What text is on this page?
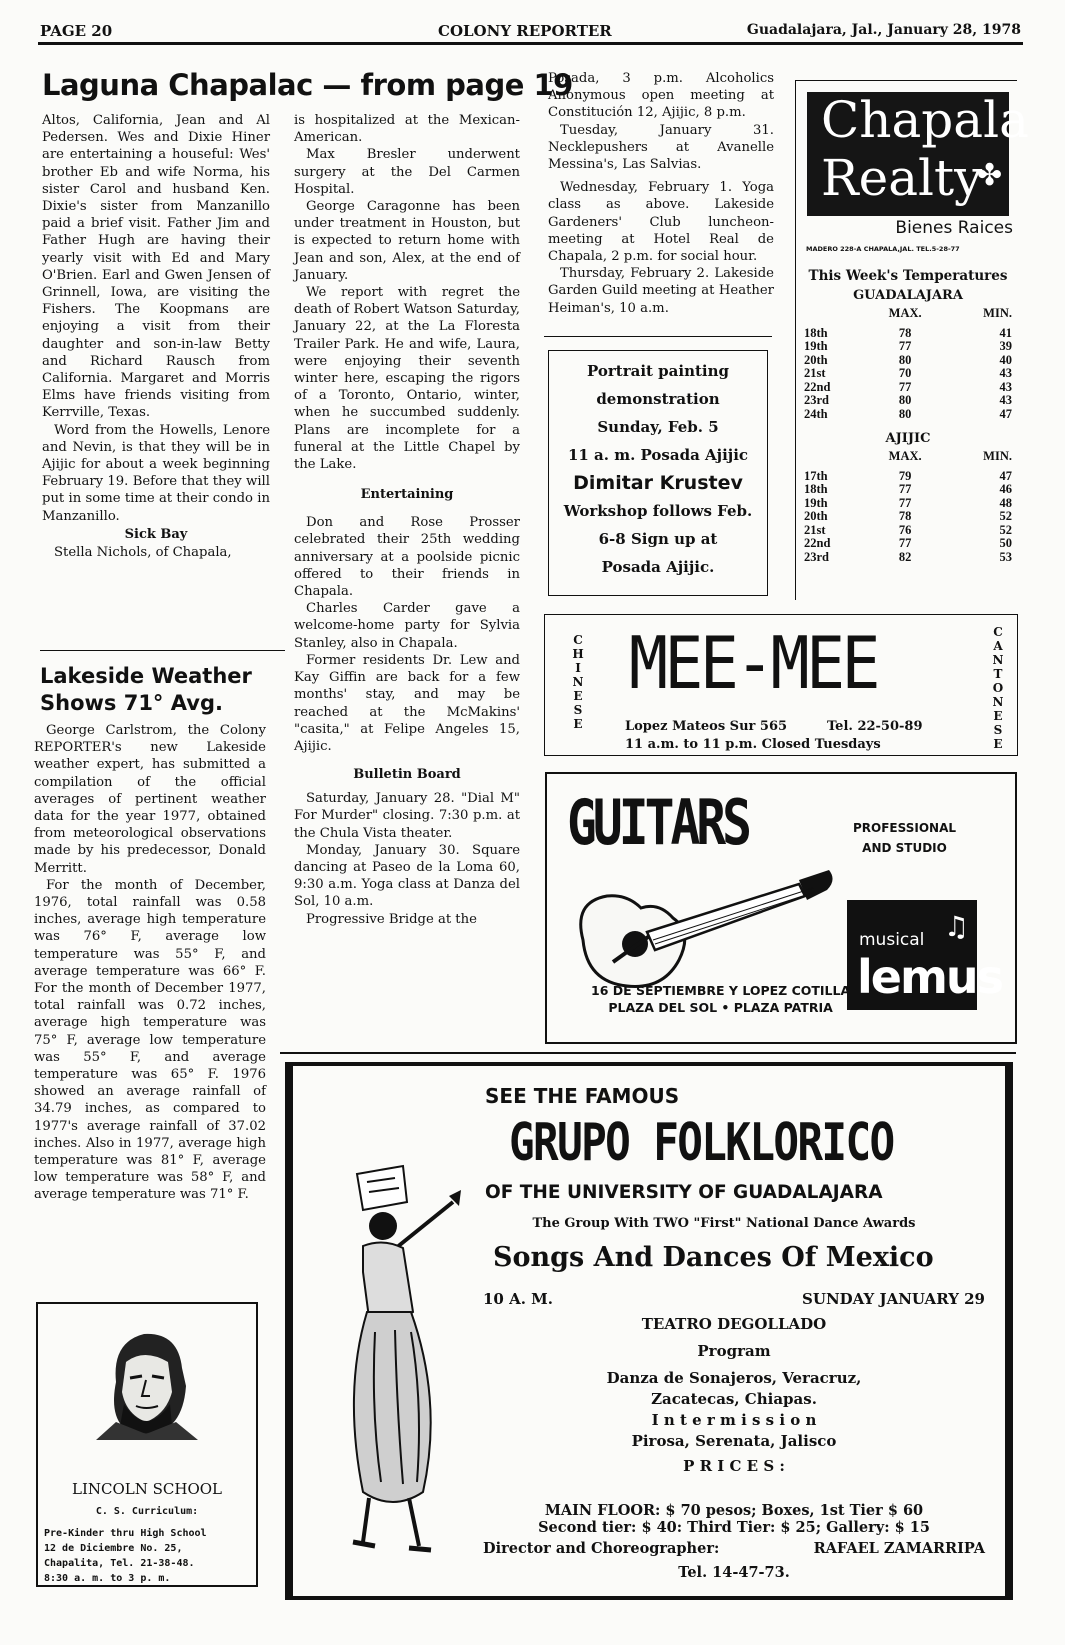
PAGE 20	COLONY REPORTER	Guadalajara, Jal., January 28, 1978
Laguna Chapalac — from page 19

Altos, California, Jean and Al Pedersen. Wes and Dixie Hiner are entertaining a houseful: Wes' brother Eb and wife Norma, his sister Carol and husband Ken. Dixie's sister from Manzanillo paid a brief visit. Father Jim and Father Hugh are having their yearly visit with Ed and Mary O'Brien. Earl and Gwen Jensen of Grinnell, Iowa, are visiting the Fishers. The Koopmans are enjoying a visit from their daughter and son-in-law Betty and Richard Rausch from California. Margaret and Morris Elms have friends visiting from Kerrville, Texas.

Word from the Howells, Lenore and Nevin, is that they will be in Ajijic for about a week beginning February 19. Before that they will put in some time at their condo in Manzanillo.

Sick Bay

Stella Nichols, of Chapala,

is hospitalized at the Mexican-American.

Max Bresler underwent surgery at the Del Carmen Hospital.

George Caragonne has been under treatment in Houston, but is expected to return home with Jean and son, Alex, at the end of January.

We report with regret the death of Robert Watson Saturday, January 22, at the La Floresta Trailer Park. He and wife, Laura, were enjoying their seventh winter here, escaping the rigors of a Toronto, Ontario, winter, when he succumbed suddenly. Plans are incomplete for a funeral at the Little Chapel by the Lake.

Entertaining

Don and Rose Prosser celebrated their 25th wedding anniversary at a poolside picnic offered to their friends in Chapala.

Charles Carder gave a welcome-home party for Sylvia Stanley, also in Chapala.

Former residents Dr. Lew and Kay Giffin are back for a few months' stay, and may be reached at the McMakins' "casita," at Felipe Angeles 15, Ajijic.

Bulletin Board

Saturday, January 28. "Dial M" For Murder" closing. 7:30 p.m. at the Chula Vista theater.

Monday, January 30. Square dancing at Paseo de la Loma 60, 9:30 a.m. Yoga class at Danza del Sol, 10 a.m.

Progressive Bridge at the

Posada, 3 p.m. Alcoholics Anonymous open meeting at Constitución 12, Ajijic, 8 p.m.

Tuesday, January 31. Necklepushers at Avanelle Messina's, Las Salvias.

Wednesday, February 1. Yoga class as above. Lakeside Gardeners' Club luncheon-meeting at Hotel Real de Chapala, 2 p.m. for social hour.

Thursday, February 2. Lakeside Garden Guild meeting at Heather Heiman's, 10 a.m.

Lakeside Weather
Shows 71° Avg.

George Carlstrom, the Colony REPORTER's new Lakeside weather expert, has submitted a compilation of the official averages of pertinent weather data for the year 1977, obtained from meteorological observations made by his predecessor, Donald Merritt.

For the month of December, 1976, total rainfall was 0.58 inches, average high temperature was 76° F, average low temperature was 55° F, and average temperature was 66° F. For the month of December 1977, total rainfall was 0.72 inches, average high temperature was 75° F, average low temperature was 55° F, and average temperature was 65° F. 1976 showed an average rainfall of 34.79 inches, as compared to 1977's average rainfall of 37.02 inches. Also in 1977, average high temperature was 81° F, average low temperature was 58° F, and average temperature was 71° F.

LINCOLN SCHOOL
C. S. Curriculum:
Pre-Kinder thru High School
12 de Diciembre No. 25,
Chapalita, Tel. 21-38-48.
8:30 a. m. to 3 p. m.
Chapala
Realty
✤
Bienes Raices
MADERO 228-A CHAPALA,JAL. TEL.5-28-77
This Week's Temperatures
GUADALAJARA
	MAX.	MIN.

18th	78	41
19th	77	39
20th	80	40
21st	70	43
22nd	77	43
23rd	80	43
24th	80	47
AJIJIC
	MAX.	MIN.

17th	79	47
18th	77	46
19th	77	48
20th	78	52
21st	76	52
22nd	77	50
23rd	82	53
Portrait painting
demonstration
Sunday, Feb. 5
11 a. m. Posada Ajijic
Dimitar Krustev
Workshop follows Feb.
6-8 Sign up at
Posada Ajijic.
CHINESE
CANTONESE
MEE-MEE
Lopez Mateos Sur 565	Tel. 22-50-89
11 a.m. to 11 p.m. Closed Tuesdays
GUITARS	PROFESSIONAL
AND STUDIO
musical ♫
lemus
16 DE SEPTIEMBRE Y LOPEZ COTILLA
PLAZA DEL SOL • PLAZA PATRIA
SEE THE FAMOUS
GRUPO FOLKLORICO
OF THE UNIVERSITY OF GUADALAJARA
The Group With TWO "First" National Dance Awards
Songs And Dances Of Mexico
10 A. M.	SUNDAY JANUARY 29
TEATRO DEGOLLADO
Program
Danza de Sonajeros, Veracruz,
Zacatecas, Chiapas.
I n t e r m i s s i o n
Pirosa, Serenata, Jalisco
P R I C E S :
MAIN FLOOR: $ 70 pesos; Boxes, 1st Tier $ 60
Second tier: $ 40: Third Tier: $ 25; Gallery: $ 15
Director and Choreographer:	RAFAEL ZAMARRIPA
Tel. 14-47-73.
